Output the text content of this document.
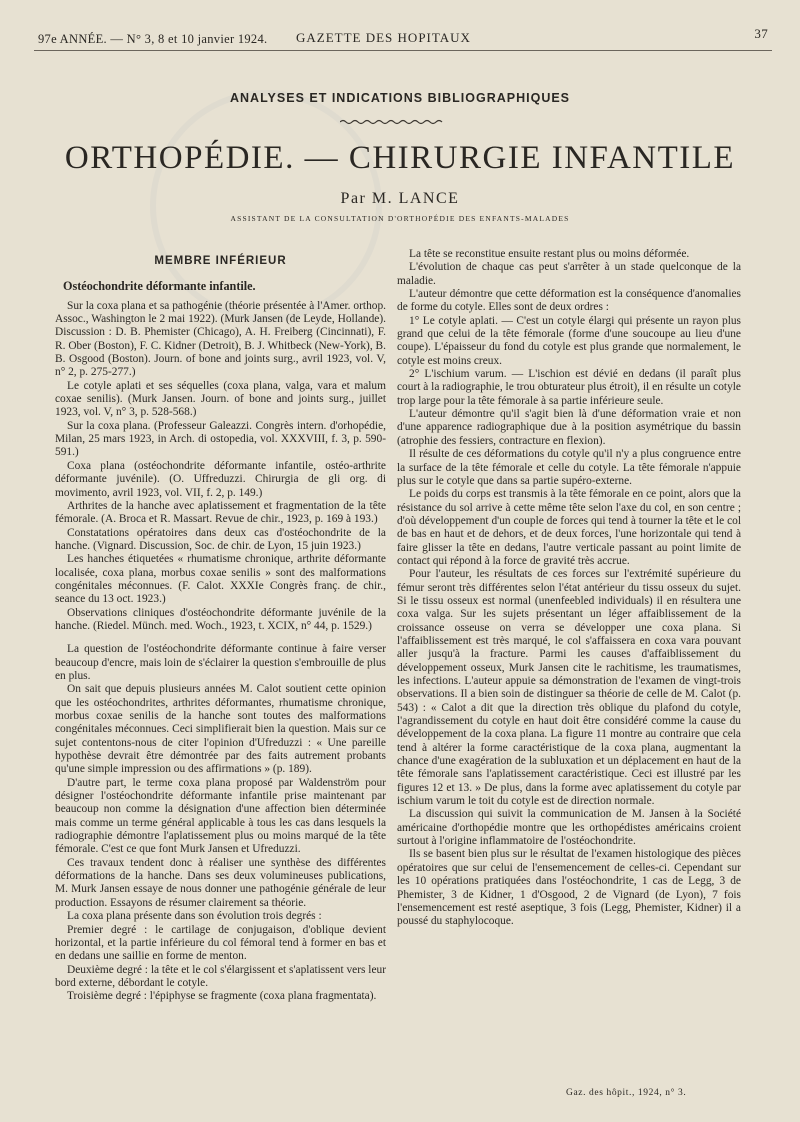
97e ANNÉE. — N° 3, 8 et 10 janvier 1924. GAZETTE DES HOPITAUX	37
ANALYSES ET INDICATIONS BIBLIOGRAPHIQUES
ORTHOPÉDIE. — CHIRURGIE INFANTILE
Par M. LANCE
ASSISTANT DE LA CONSULTATION D'ORTHOPÉDIE DES ENFANTS-MALADES

MEMBRE INFÉRIEUR

Ostéochondrite déformante infantile.

Sur la coxa plana et sa pathogénie (théorie présentée à l'Amer. orthop. Assoc., Washington le 2 mai 1922). (Murk Jansen (de Leyde, Hollande). Discussion : D. B. Phemister (Chicago), A. H. Freiberg (Cincinnati), F. R. Ober (Boston), F. C. Kidner (Detroit), B. J. Whitbeck (New-York), B. B. Osgood (Boston). Journ. of bone and joints surg., avril 1923, vol. V, n° 2, p. 275-277.)

Le cotyle aplati et ses séquelles (coxa plana, valga, vara et malum coxae senilis). (Murk Jansen. Journ. of bone and joints surg., juillet 1923, vol. V, n° 3, p. 528-568.)

Sur la coxa plana. (Professeur Galeazzi. Congrès intern. d'orhopédie, Milan, 25 mars 1923, in Arch. di ostopedia, vol. XXXVIII, f. 3, p. 590-591.)

Coxa plana (ostéochondrite déformante infantile, ostéo-arthrite déformante juvénile). (O. Uffreduzzi. Chirurgia de gli org. di movimento, avril 1923, vol. VII, f. 2, p. 149.)

Arthrites de la hanche avec aplatissement et fragmentation de la tête fémorale. (A. Broca et R. Massart. Revue de chir., 1923, p. 169 à 193.)

Constatations opératoires dans deux cas d'ostéochondrite de la hanche. (Vignard. Discussion, Soc. de chir. de Lyon, 15 juin 1923.)

Les hanches étiquetées « rhumatisme chronique, arthrite déformante localisée, coxa plana, morbus coxae senilis » sont des malformations congénitales méconnues. (F. Calot. XXXIe Congrès franç. de chir., seance du 13 oct. 1923.)

Observations cliniques d'ostéochondrite déformante juvénile de la hanche. (Riedel. Münch. med. Woch., 1923, t. XCIX, n° 44, p. 1529.)

La question de l'ostéochondrite déformante continue à faire verser beaucoup d'encre, mais loin de s'éclairer la question s'embrouille de plus en plus.

On sait que depuis plusieurs années M. Calot soutient cette opinion que les ostéochondrites, arthrites déformantes, rhumatisme chronique, morbus coxae senilis de la hanche sont toutes des malformations congénitales méconnues. Ceci simplifierait bien la question. Mais sur ce sujet contentons-nous de citer l'opinion d'Ufreduzzi : « Une pareille hypothèse devrait être démontrée par des faits autrement probants qu'une simple impression ou des affirmations » (p. 189).

D'autre part, le terme coxa plana proposé par Waldenström pour désigner l'ostéochondrite déformante infantile prise maintenant par beaucoup non comme la désignation d'une affection bien déterminée mais comme un terme général applicable à tous les cas dans lesquels la radiographie démontre l'aplatissement plus ou moins marqué de la tête fémorale. C'est ce que font Murk Jansen et Ufreduzzi.

Ces travaux tendent donc à réaliser une synthèse des différentes déformations de la hanche. Dans ses deux volumineuses publications, M. Murk Jansen essaye de nous donner une pathogénie générale de leur production. Essayons de résumer clairement sa théorie.

La coxa plana présente dans son évolution trois degrés :

Premier degré : le cartilage de conjugaison, d'oblique devient horizontal, et la partie inférieure du col fémoral tend à former en bas et en dedans une saillie en forme de menton.

Deuxième degré : la tête et le col s'élargissent et s'aplatissent vers leur bord externe, débordant le cotyle.

Troisième degré : l'épiphyse se fragmente (coxa plana fragmentata).

La tête se reconstitue ensuite restant plus ou moins déformée.

L'évolution de chaque cas peut s'arrêter à un stade quelconque de la maladie.

L'auteur démontre que cette déformation est la conséquence d'anomalies de forme du cotyle. Elles sont de deux ordres :

1° Le cotyle aplati. — C'est un cotyle élargi qui présente un rayon plus grand que celui de la tête fémorale (forme d'une soucoupe au lieu d'une coupe). L'épaisseur du fond du cotyle est plus grande que normalement, le cotyle est moins creux.

2° L'ischium varum. — L'ischion est dévié en dedans (il paraît plus court à la radiographie, le trou obturateur plus étroit), il en résulte un cotyle trop large pour la tête fémorale à sa partie inférieure seule.

L'auteur démontre qu'il s'agit bien là d'une déformation vraie et non d'une apparence radiographique due à la position asymétrique du bassin (atrophie des fessiers, contracture en flexion).

Il résulte de ces déformations du cotyle qu'il n'y a plus congruence entre la surface de la tête fémorale et celle du cotyle. La tête fémorale n'appuie plus sur le cotyle que dans sa partie supéro-externe.

Le poids du corps est transmis à la tête fémorale en ce point, alors que la résistance du sol arrive à cette même tête selon l'axe du col, en son centre ; d'où développement d'un couple de forces qui tend à tourner la tête et le col de bas en haut et de dehors, et de deux forces, l'une horizontale qui tend à faire glisser la tête en dedans, l'autre verticale passant au point limite de contact qui répond à la force de gravité très accrue.

Pour l'auteur, les résultats de ces forces sur l'extrémité supérieure du fémur seront très différentes selon l'état antérieur du tissu osseux du sujet. Si le tissu osseux est normal (unenfeebled individuals) il en résultera une coxa valga. Sur les sujets présentant un léger affaiblissement de la croissance osseuse on verra se développer une coxa plana. Si l'affaiblissement est très marqué, le col s'affaissera en coxa vara pouvant aller jusqu'à la fracture. Parmi les causes d'affaiblissement du développement osseux, Murk Jansen cite le rachitisme, les traumatismes, les infections. L'auteur appuie sa démonstration de l'examen de vingt-trois observations. Il a bien soin de distinguer sa théorie de celle de M. Calot (p. 543) : « Calot a dit que la direction très oblique du plafond du cotyle, l'agrandissement du cotyle en haut doit être considéré comme la cause du développement de la coxa plana. La figure 11 montre au contraire que cela tend à altérer la forme caractéristique de la coxa plana, augmentant la chance d'une exagération de la subluxation et un déplacement en haut de la tête fémorale sans l'aplatissement caractéristique. Ceci est illustré par les figures 12 et 13. » De plus, dans la forme avec aplatissement du cotyle par ischium varum le toit du cotyle est de direction normale.

La discussion qui suivit la communication de M. Jansen à la Société américaine d'orthopédie montre que les orthopédistes américains croient surtout à l'origine inflammatoire de l'ostéochondrite.

Ils se basent bien plus sur le résultat de l'examen histologique des pièces opératoires que sur celui de l'ensemencement de celles-ci. Cependant sur les 10 opérations pratiquées dans l'ostéochondrite, 1 cas de Legg, 3 de Phemister, 3 de Kidner, 1 d'Osgood, 2 de Vignard (de Lyon), 7 fois l'ensemencement est resté aseptique, 3 fois (Legg, Phemister, Kidner) il a poussé du staphylocoque.

Gaz. des hôpit., 1924, n° 3.
